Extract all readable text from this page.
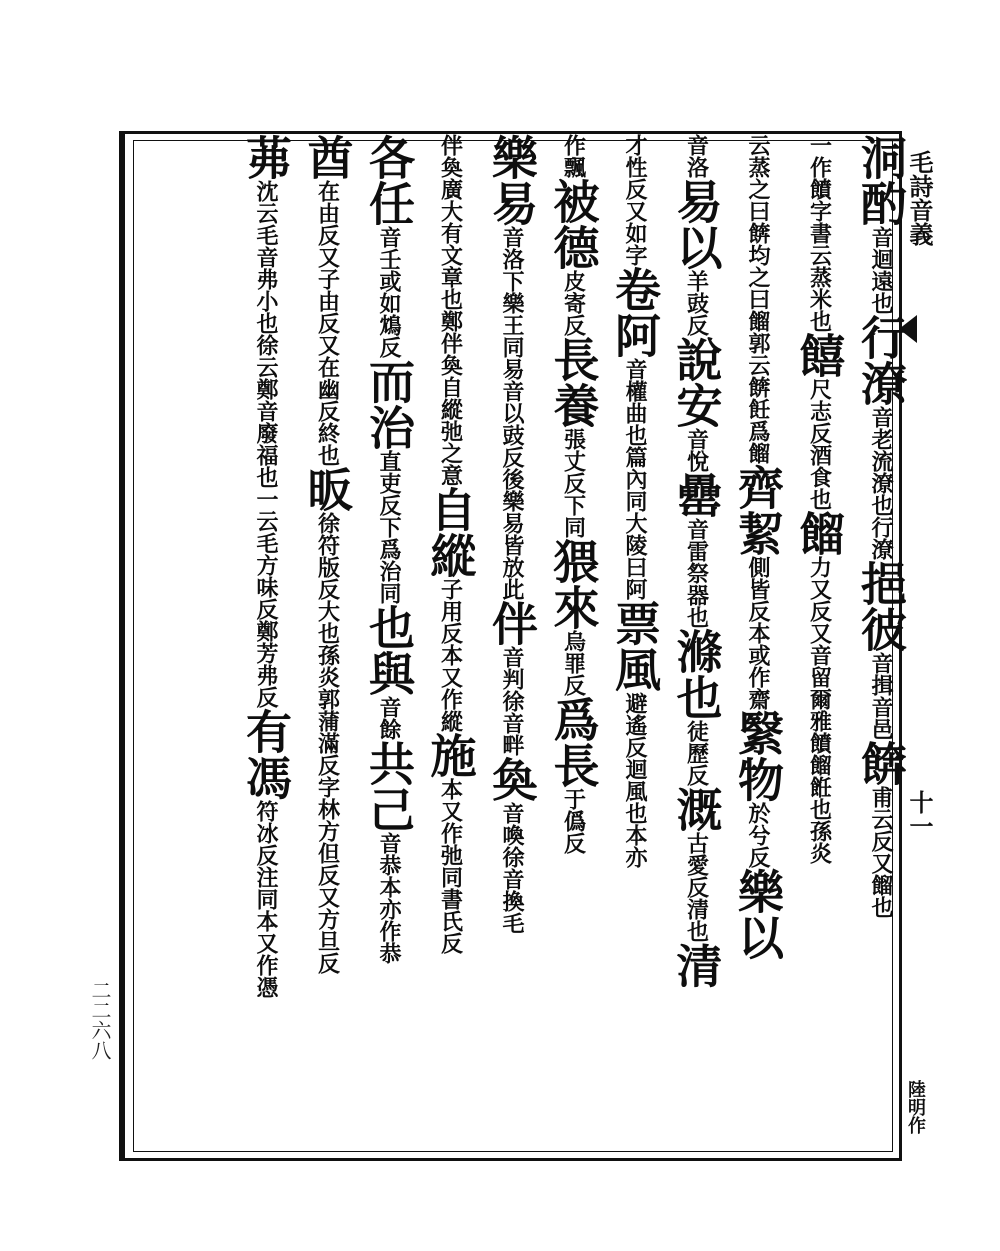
毛詩音義
十一
陸明作
二二六八
洞酌音迴遠也行潦音老流潦也行潦挹彼音揖音邑餴甫云反又餾也
一作饙字書云蒸米也饎尺志反酒食也餾力又反又音留爾雅饙餾餁也孫炎
云蒸之曰餴均之曰餾郭云餴飪爲餾齊絜側皆反本或作齋繄物於兮反樂以
音洛易以羊豉反說安音悅罍音雷祭器也滌也徒歷反溉古愛反清也清
才性反又如字卷阿音權曲也篇內同大陵曰阿票風避遙反迴風也本亦
作飄被德皮寄反長養張丈反下同猥來烏罪反爲長于僞反
樂易音洛下樂王同易音以豉反後樂易皆放此伴音判徐音畔奐音喚徐音換毛
伴奐廣大有文章也鄭伴奐自縱弛之意自縱子用反本又作縱施本又作弛同書氏反
各任音壬或如鴆反而治直吏反下爲治同也與音餘共己音恭本亦作恭
酋在由反又子由反又在幽反終也昄徐符版反大也孫炎郭蒲滿反字林方但反又方旦反
茀沈云毛音弗小也徐云鄭音廢福也一云毛方味反鄭芳弗反有馮符冰反注同本又作憑
